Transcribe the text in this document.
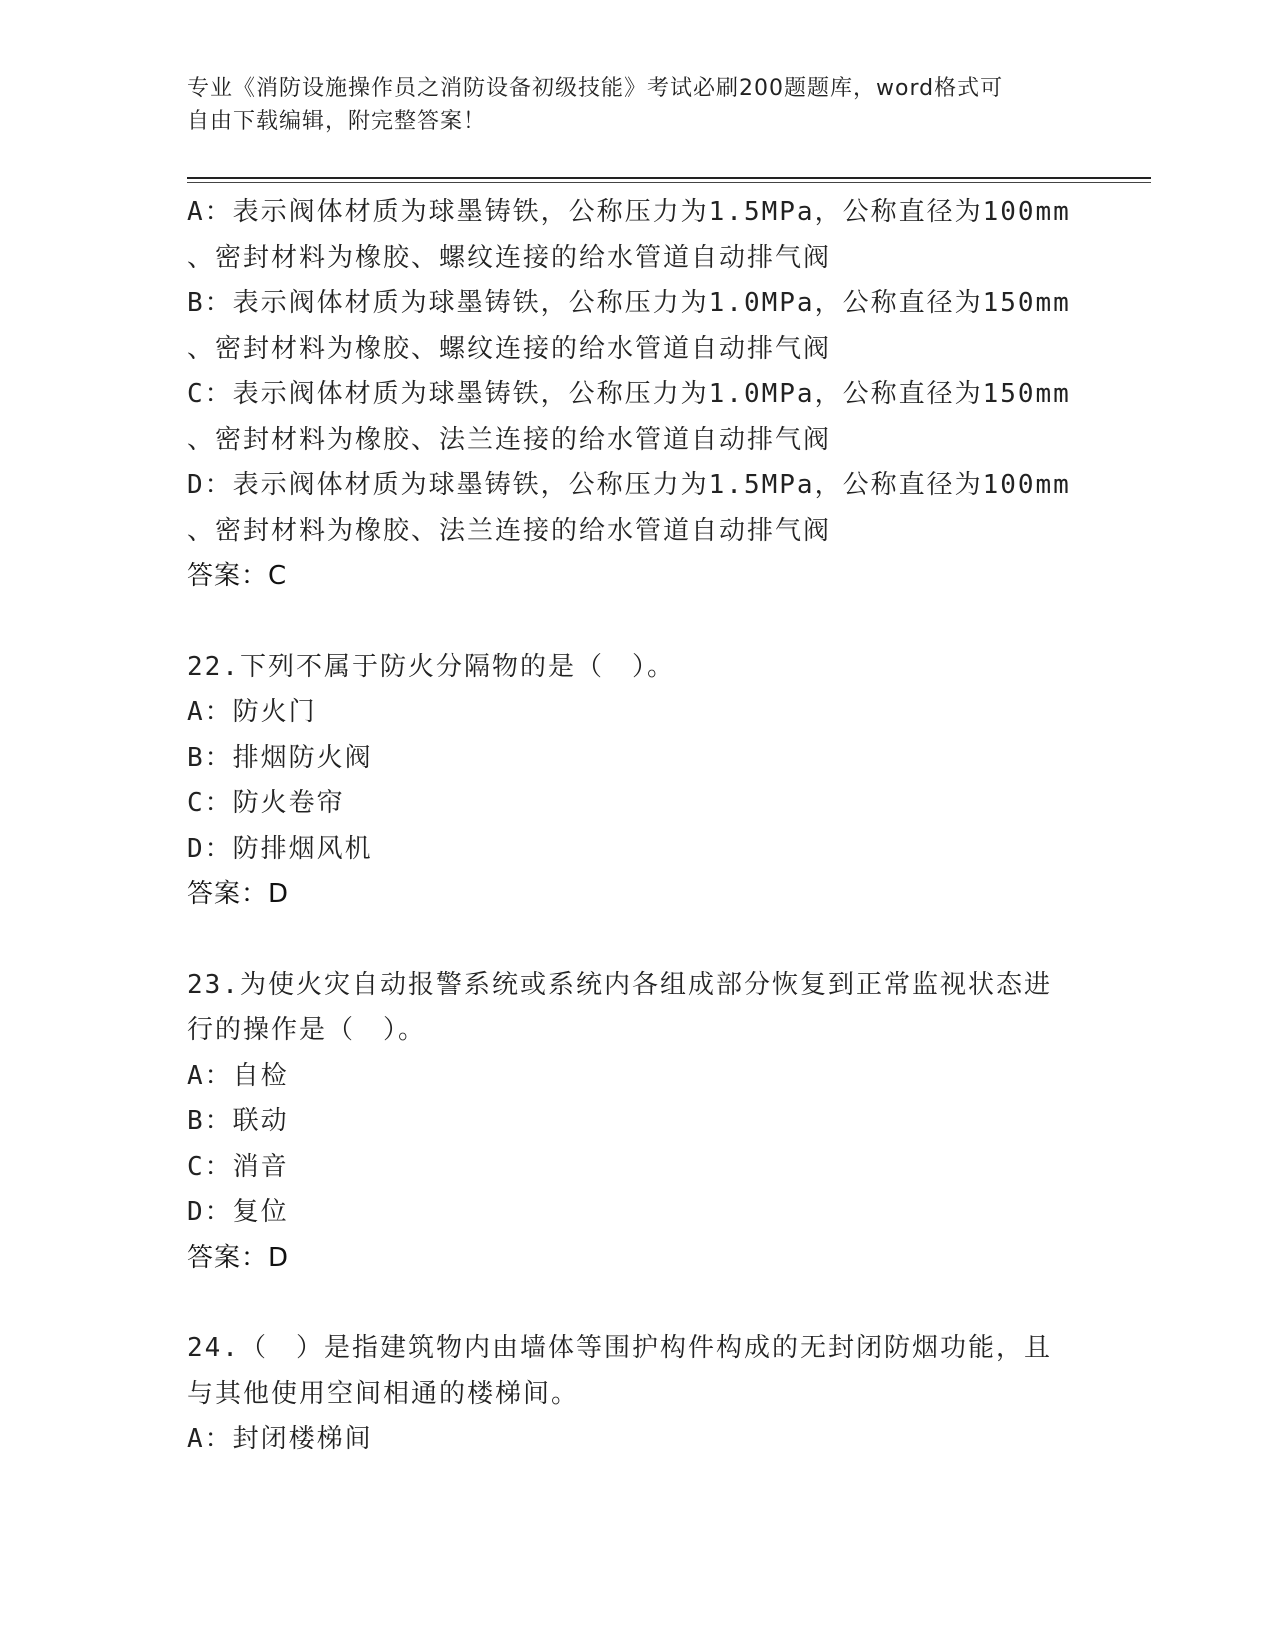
专业《消防设施操作员之消防设备初级技能》考试必刷200题题库，word格式可
自由下载编辑，附完整答案！
A：表示阀体材质为球墨铸铁，公称压力为1.5MPa，公称直径为100mm
、密封材料为橡胶、螺纹连接的给水管道自动排气阀
B：表示阀体材质为球墨铸铁，公称压力为1.0MPa，公称直径为150mm
、密封材料为橡胶、螺纹连接的给水管道自动排气阀
C：表示阀体材质为球墨铸铁，公称压力为1.0MPa，公称直径为150mm
、密封材料为橡胶、法兰连接的给水管道自动排气阀
D：表示阀体材质为球墨铸铁，公称压力为1.5MPa，公称直径为100mm
、密封材料为橡胶、法兰连接的给水管道自动排气阀
答案：C
22.下列不属于防火分隔物的是（　）。
A：防火门
B：排烟防火阀
C：防火卷帘
D：防排烟风机
答案：D
23.为使火灾自动报警系统或系统内各组成部分恢复到正常监视状态进
行的操作是（　）。
A：自检
B：联动
C：消音
D：复位
答案：D
24.（　）是指建筑物内由墙体等围护构件构成的无封闭防烟功能，且
与其他使用空间相通的楼梯间。
A：封闭楼梯间
